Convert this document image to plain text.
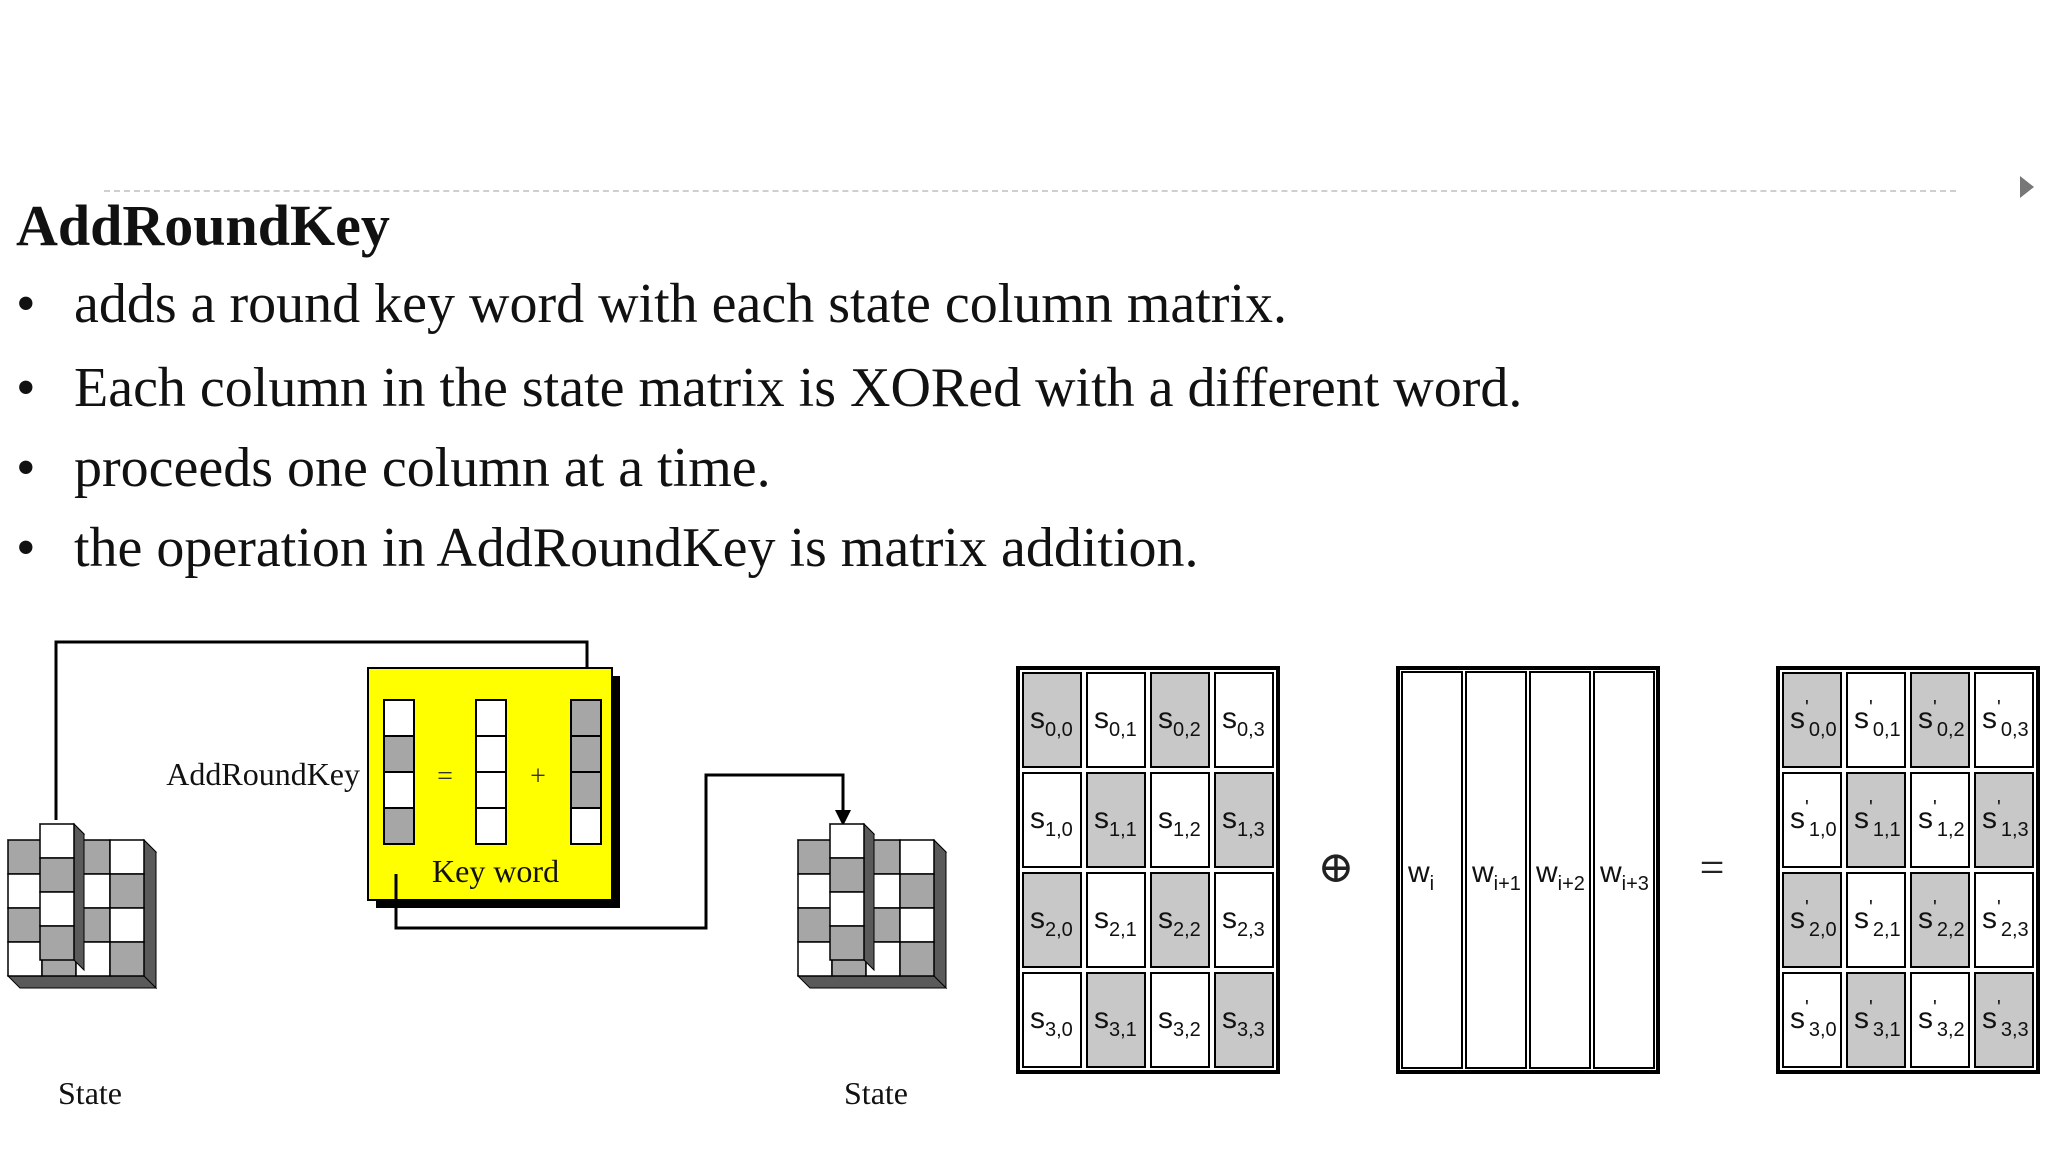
AddRoundKey
• adds a round key word with each state column matrix.
• Each column in the state matrix is XORed with a different word.
• proceeds one column at a time.
• the operation in AddRoundKey is matrix addition.
=	+
Key word
AddRoundKey
State	State
$s_{0,0}$ $s_{0,1}$ $s_{0,2}$ $s_{0,3}$
$s_{1,0}$ $s_{1,1}$ $s_{1,2}$ $s_{1,3}$
$s_{2,0}$ $s_{2,1}$ $s_{2,2}$ $s_{2,3}$
$s_{3,0}$ $s_{3,1}$ $s_{3,2}$ $s_{3,3}$
$w_i$ $w_{i+1}$ $w_{i+2}$ $w_{i+3}$
$s'_{0,0}$ $s'_{0,1}$ $s'_{0,2}$ $s'_{0,3}$
$s'_{1,0}$ $s'_{1,1}$ $s'_{1,2}$ $s'_{1,3}$
$s'_{2,0}$ $s'_{2,1}$ $s'_{2,2}$ $s'_{2,3}$
$s'_{3,0}$ $s'_{3,1}$ $s'_{3,2}$ $s'_{3,3}$
⊕	=
